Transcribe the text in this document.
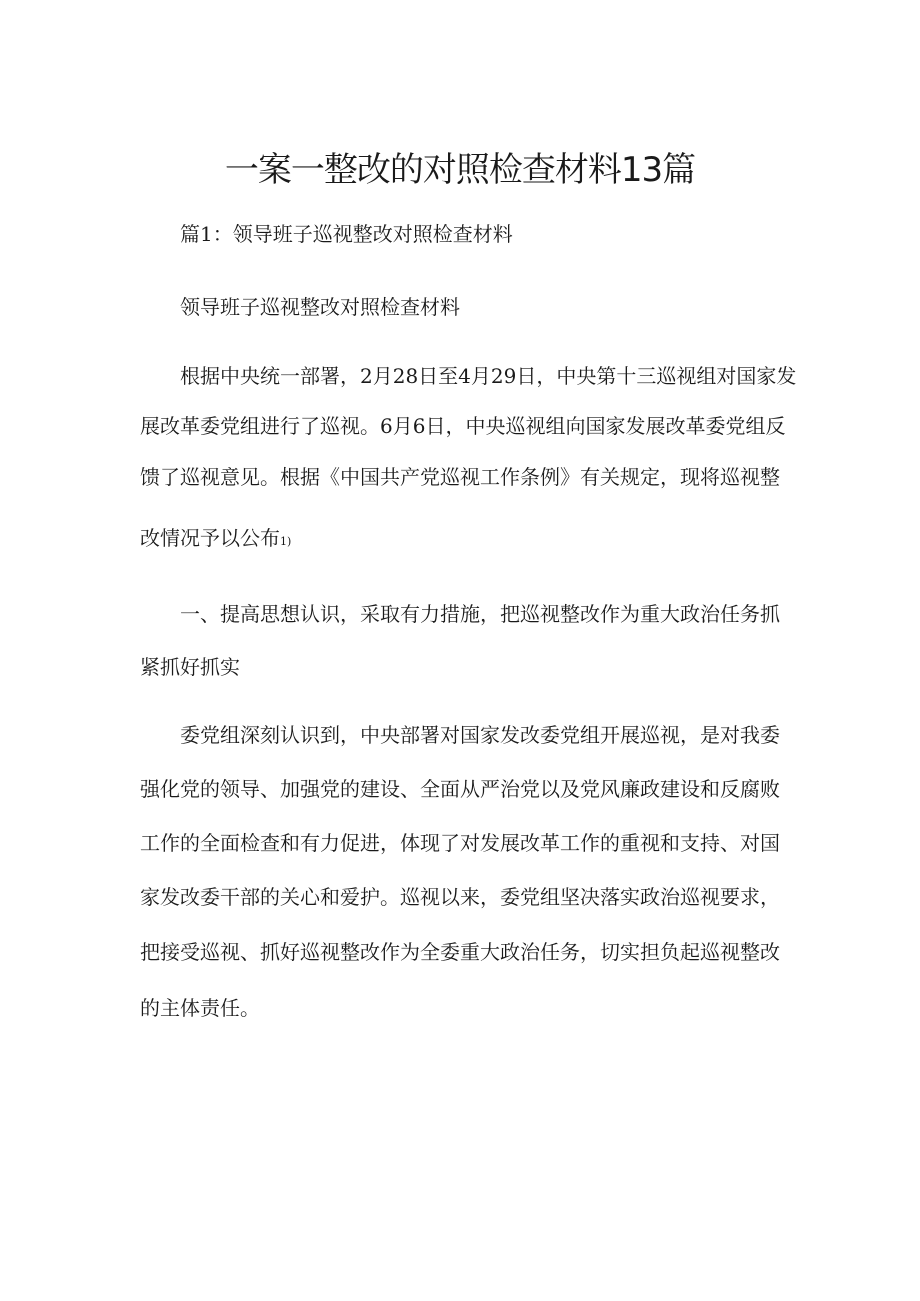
一案一整改的对照检查材料13篇

篇1：领导班子巡视整改对照检查材料

领导班子巡视整改对照检查材料

根据中央统一部署，2月28日至4月29日，中央第十三巡视组对国家发

展改革委党组进行了巡视。6月6日，中央巡视组向国家发展改革委党组反

馈了巡视意见。根据《中国共产党巡视工作条例》有关规定，现将巡视整

改情况予以公布1)

一、提高思想认识，采取有力措施，把巡视整改作为重大政治任务抓

紧抓好抓实

委党组深刻认识到，中央部署对国家发改委党组开展巡视，是对我委

强化党的领导、加强党的建设、全面从严治党以及党风廉政建设和反腐败

工作的全面检查和有力促进，体现了对发展改革工作的重视和支持、对国

家发改委干部的关心和爱护。巡视以来，委党组坚决落实政治巡视要求，

把接受巡视、抓好巡视整改作为全委重大政治任务，切实担负起巡视整改

的主体责任。
